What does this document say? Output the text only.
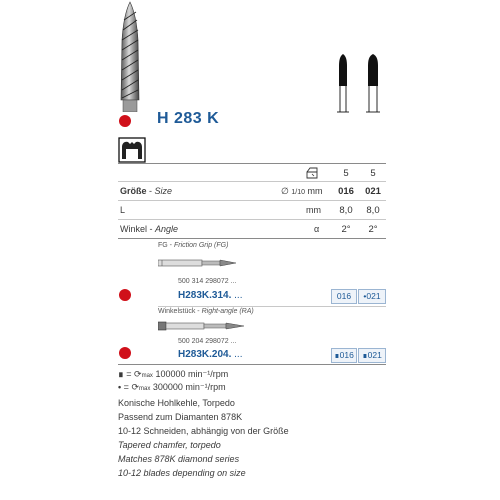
H 283 K
5	5
Größe - Size	∅ 1/10 mm	016	021
L	mm	8,0	8,0
Winkel - Angle	α	2°	2°
FG - Friction Grip (FG)
500 314 298072 ...
H283K.314. ...	016	•021
Winkelstück - Right-angle (RA)
500 204 298072 ...
H283K.204. ...	∎016 ∎021
∎ = ⟳max 100000 min⁻¹/rpm
• = ⟳max 300000 min⁻¹/rpm
Konische Hohlkehle, Torpedo
Passend zum Diamanten 878K
10-12 Schneiden, abhängig von der Größe
Tapered chamfer, torpedo
Matches 878K diamond series
10-12 blades depending on size
